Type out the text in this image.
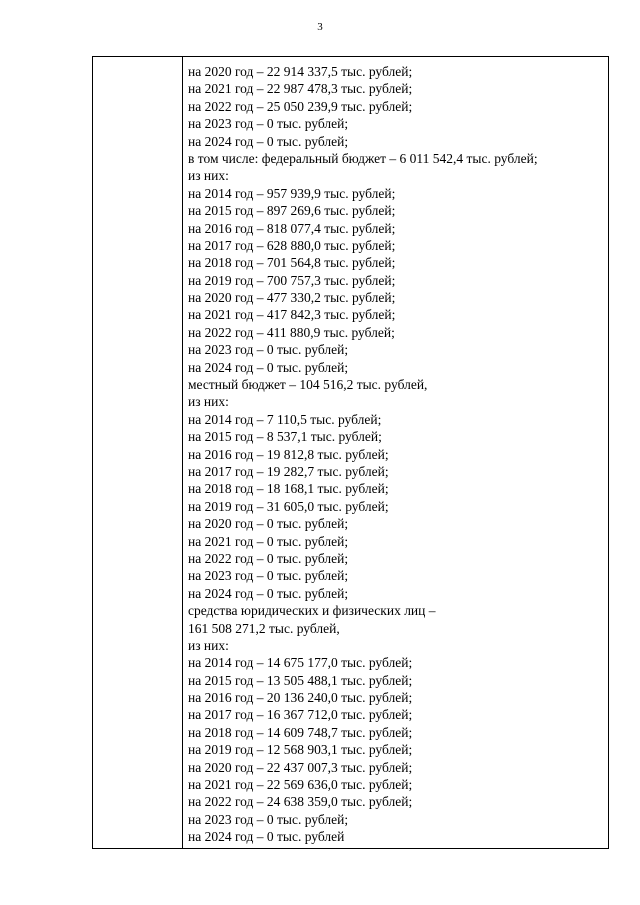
3
на 2020 год – 22 914 337,5 тыс. рублей;
на 2021 год – 22 987 478,3 тыс. рублей;
на 2022 год – 25 050 239,9 тыс. рублей;
на 2023 год – 0 тыс. рублей;
на 2024 год – 0 тыс. рублей;
в том числе: федеральный бюджет – 6 011 542,4 тыс. рублей;
из них:
на 2014 год – 957 939,9 тыс. рублей;
на 2015 год – 897 269,6 тыс. рублей;
на 2016 год – 818 077,4 тыс. рублей;
на 2017 год – 628 880,0 тыс. рублей;
на 2018 год – 701 564,8 тыс. рублей;
на 2019 год – 700 757,3 тыс. рублей;
на 2020 год – 477 330,2 тыс. рублей;
на 2021 год – 417 842,3 тыс. рублей;
на 2022 год – 411 880,9 тыс. рублей;
на 2023 год – 0 тыс. рублей;
на 2024 год – 0 тыс. рублей;
местный бюджет – 104 516,2 тыс. рублей,
из них:
на 2014 год – 7 110,5 тыс. рублей;
на 2015 год – 8 537,1 тыс. рублей;
на 2016 год – 19 812,8 тыс. рублей;
на 2017 год – 19 282,7 тыс. рублей;
на 2018 год – 18 168,1 тыс. рублей;
на 2019 год – 31 605,0 тыс. рублей;
на 2020 год – 0 тыс. рублей;
на 2021 год – 0 тыс. рублей;
на 2022 год – 0 тыс. рублей;
на 2023 год – 0 тыс. рублей;
на 2024 год – 0 тыс. рублей;
средства юридических и физических лиц –
161 508 271,2 тыс. рублей,
из них:
на 2014 год – 14 675 177,0 тыс. рублей;
на 2015 год – 13 505 488,1 тыс. рублей;
на 2016 год – 20 136 240,0 тыс. рублей;
на 2017 год – 16 367 712,0 тыс. рублей;
на 2018 год – 14 609 748,7 тыс. рублей;
на 2019 год – 12 568 903,1 тыс. рублей;
на 2020 год – 22 437 007,3 тыс. рублей;
на 2021 год – 22 569 636,0 тыс. рублей;
на 2022 год – 24 638 359,0 тыс. рублей;
на 2023 год – 0 тыс. рублей;
на 2024 год – 0 тыс. рублей
